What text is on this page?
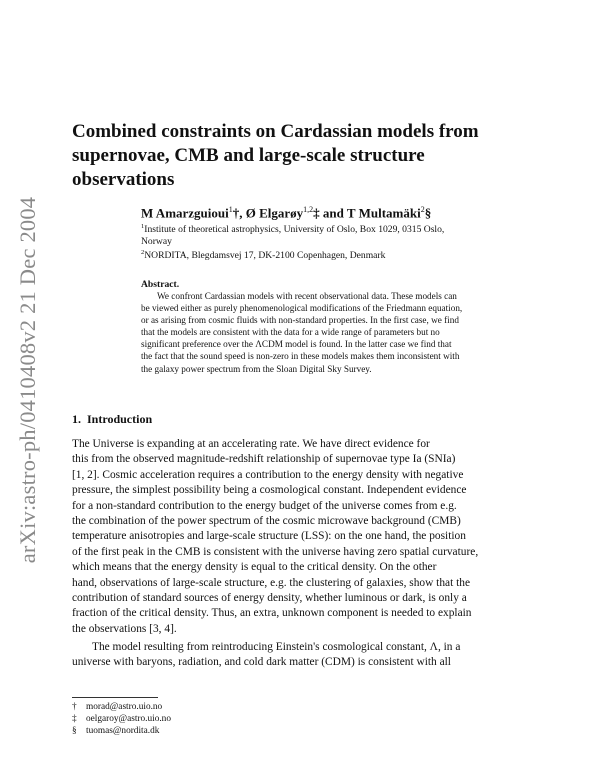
arXiv:astro-ph/0410408v2 21 Dec 2004
Combined constraints on Cardassian models from
supernovae, CMB and large-scale structure
observations
M Amarzguioui$^1$†, Ø Elgarøy$^{1,2}$‡ and T Multamäki$^2$§
$^1$Institute of theoretical astrophysics, University of Oslo, Box 1029, 0315 Oslo,
Norway
$^2$NORDITA, Blegdamsvej 17, DK-2100 Copenhagen, Denmark
Abstract.
We confront Cardassian models with recent observational data. These models can
be viewed either as purely phenomenological modifications of the Friedmann equation,
or as arising from cosmic fluids with non-standard properties. In the first case, we find
that the models are consistent with the data for a wide range of parameters but no
significant preference over the ΛCDM model is found. In the latter case we find that
the fact that the sound speed is non-zero in these models makes them inconsistent with
the galaxy power spectrum from the Sloan Digital Sky Survey.
1. Introduction
The Universe is expanding at an accelerating rate. We have direct evidence for
this from the observed magnitude-redshift relationship of supernovae type Ia (SNIa)
[1, 2]. Cosmic acceleration requires a contribution to the energy density with negative
pressure, the simplest possibility being a cosmological constant. Independent evidence
for a non-standard contribution to the energy budget of the universe comes from e.g.
the combination of the power spectrum of the cosmic microwave background (CMB)
temperature anisotropies and large-scale structure (LSS): on the one hand, the position
of the first peak in the CMB is consistent with the universe having zero spatial curvature,
which means that the energy density is equal to the critical density. On the other
hand, observations of large-scale structure, e.g. the clustering of galaxies, show that the
contribution of standard sources of energy density, whether luminous or dark, is only a
fraction of the critical density. Thus, an extra, unknown component is needed to explain
the observations [3, 4].
The model resulting from reintroducing Einstein's cosmological constant, Λ, in a
universe with baryons, radiation, and cold dark matter (CDM) is consistent with all
† morad@astro.uio.no
‡ oelgaroy@astro.uio.no
§ tuomas@nordita.dk
